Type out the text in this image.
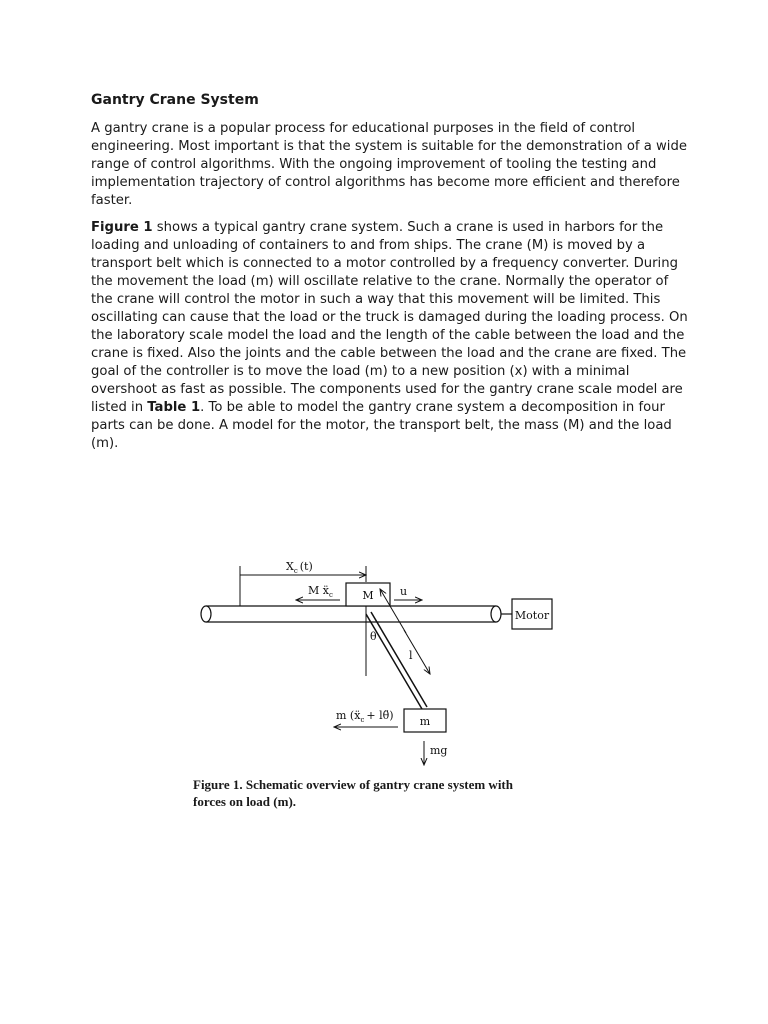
Gantry Crane System

A gantry crane is a popular process for educational purposes in the field of control engineering. Most important is that the system is suitable for the demonstration of a wide range of control algorithms. With the ongoing improvement of tooling the testing and implementation trajectory of control algorithms has become more efficient and therefore faster.

Figure 1 shows a typical gantry crane system. Such a crane is used in harbors for the loading and unloading of containers to and from ships. The crane (M) is moved by a transport belt which is connected to a motor controlled by a frequency converter. During the movement the load (m) will oscillate relative to the crane. Normally the operator of the crane will control the motor in such a way that this movement will be limited. This oscillating can cause that the load or the truck is damaged during the loading process. On the laboratory scale model the load and the length of the cable between the load and the crane is fixed. Also the joints and the cable between the load and the crane are fixed. The goal of the controller is to move the load (m) to a new position (x) with a minimal overshoot as fast as possible. The components used for the gantry crane scale model are listed in Table 1. To be able to model the gantry crane system a decomposition in four parts can be done. A model for the motor, the transport belt, the mass (M) and the load (m).

Motor
$X_c$ (t)
M ẍ$_c$	M u
θ
l
m
m (ẍ$_c$ + lθ̈)
mg

Figure 1. Schematic overview of gantry crane system with
forces on load (m).
